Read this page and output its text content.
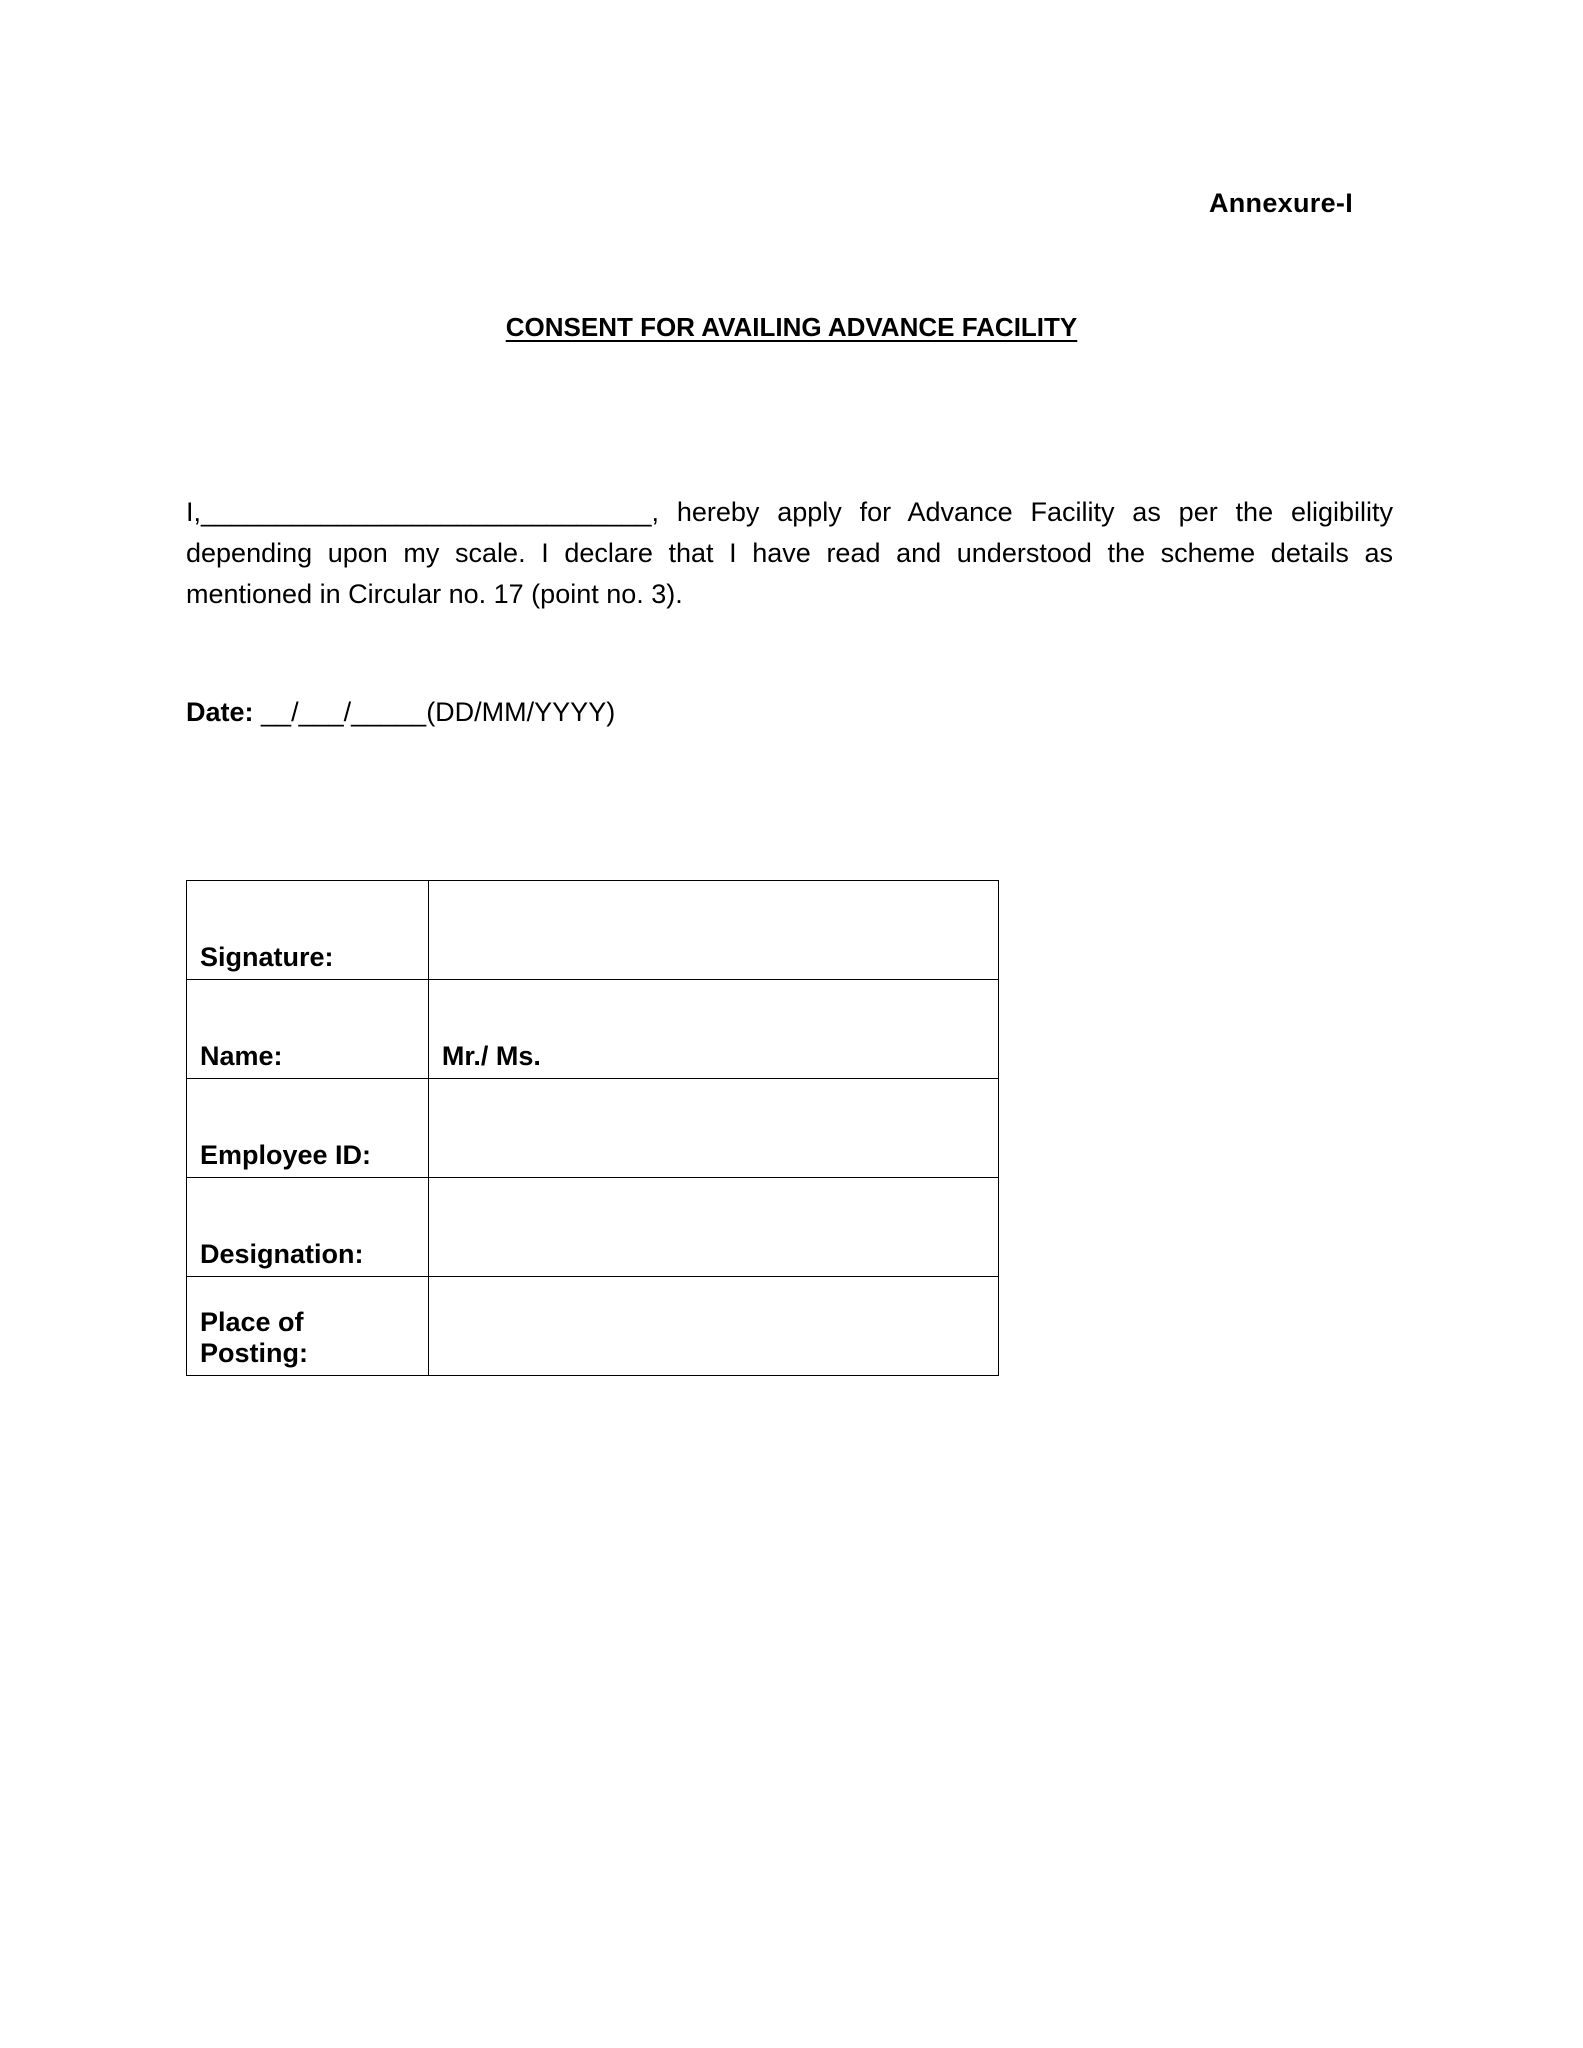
Annexure-I
CONSENT FOR AVAILING ADVANCE FACILITY
I,______________________________, hereby apply for Advance Facility as per the eligibility depending upon my scale. I declare that I have read and understood the scheme details as mentioned in Circular no. 17 (point no. 3).
Date: __/___/_____(DD/MM/YYYY)
Signature:	
Name:	Mr./ Ms.
Employee ID:	
Designation:	
Place of Posting:	
